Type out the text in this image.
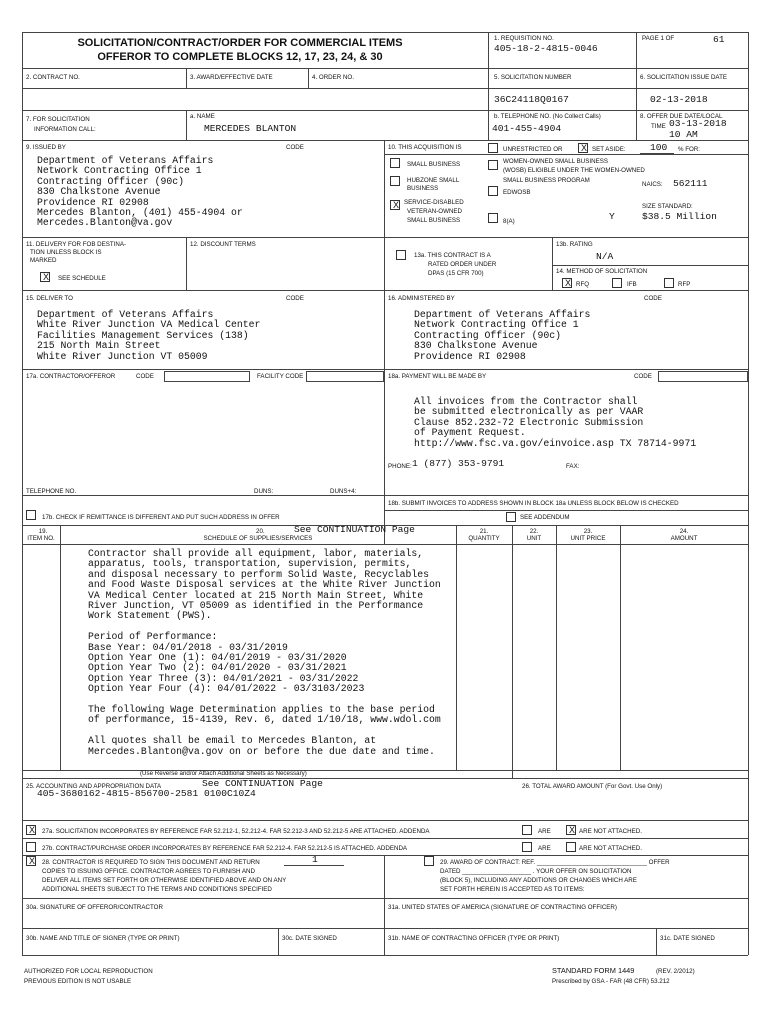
SOLICITATION/CONTRACT/ORDER FOR COMMERCIAL ITEMS
OFFEROR TO COMPLETE BLOCKS 12, 17, 23, 24, & 30
1. REQUISITION NO.
405-18-2-4815-0046
PAGE 1 OF	61
2. CONTRACT NO.	3. AWARD/EFFECTIVE DATE	4. ORDER NO.	5. SOLICITATION NUMBER	6. SOLICITATION ISSUE DATE
36C24118Q0167	02-13-2018
7. FOR SOLICITATION
INFORMATION CALL:
a. NAME
MERCEDES BLANTON
b. TELEPHONE NO. (No Collect Calls)
401-455-4904
8. OFFER DUE DATE/LOCAL
TIME 03-13-2018
10 AM
9. ISSUED BY	CODE
Department of Veterans Affairs
Network Contracting Office 1
Contracting Officer (90c)
830 Chalkstone Avenue
Providence RI 02908
Mercedes Blanton, (401) 455-4904 or
Mercedes.Blanton@va.gov
10. THIS ACQUISITION IS	UNRESTRICTED OR X SET ASIDE:	100 % FOR:
SMALL BUSINESS	WOMEN-OWNED SMALL BUSINESS
(WOSB) ELIGIBLE UNDER THE WOMEN-OWNED
SMALL BUSINESS PROGRAM
HUBZONE SMALL
BUSINESS
EDWOSB
NAICS: 562111
X SERVICE-DISABLED
VETERAN-OWNED
SMALL BUSINESS	8(A)	Y
SIZE STANDARD:
$38.5 Million
11. DELIVERY FOR FOB DESTINA-
TION UNLESS BLOCK IS
MARKED
X	SEE SCHEDULE
12. DISCOUNT TERMS
13a. THIS CONTRACT IS A
RATED ORDER UNDER
DPAS (15 CFR 700)
13b. RATING
N/A
14. METHOD OF SOLICITATION
X RFQ	IFB	RFP
15. DELIVER TO	CODE
Department of Veterans Affairs
White River Junction VA Medical Center
Facilities Management Services (138)
215 North Main Street
White River Junction VT 05009
16. ADMINISTERED BY	CODE
Department of Veterans Affairs
Network Contracting Office 1
Contracting Officer (90c)
830 Chalkstone Avenue
Providence RI 02908
17a. CONTRACTOR/OFFEROR	CODE	FACILITY CODE	18a. PAYMENT WILL BE MADE BY	CODE
All invoices from the Contractor shall
be submitted electronically as per VAAR
Clause 852.232-72 Electronic Submission
of Payment Request.
http://www.fsc.va.gov/einvoice.asp TX 78714-9971
PHONE: 1 (877) 353-9791	FAX:
TELEPHONE NO.	DUNS:	DUNS+4:
17b. CHECK IF REMITTANCE IS DIFFERENT AND PUT SUCH ADDRESS IN OFFER
18b. SUBMIT INVOICES TO ADDRESS SHOWN IN BLOCK 18a UNLESS BLOCK BELOW IS CHECKED
SEE ADDENDUM
19.
ITEM NO.
20.	See CONTINUATION Page
SCHEDULE OF SUPPLIES/SERVICES
21.
QUANTITY
22.
UNIT
23.
UNIT PRICE
24.
AMOUNT
Contractor shall provide all equipment, labor, materials,
apparatus, tools, transportation, supervision, permits,
and disposal necessary to perform Solid Waste, Recyclables
and Food Waste Disposal services at the White River Junction
VA Medical Center located at 215 North Main Street, White
River Junction, VT 05009 as identified in the Performance
Work Statement (PWS).
Period of Performance:
Base Year: 04/01/2018 - 03/31/2019
Option Year One (1): 04/01/2019 - 03/31/2020
Option Year Two (2): 04/01/2020 - 03/31/2021
Option Year Three (3): 04/01/2021 - 03/31/2022
Option Year Four (4): 04/01/2022 - 03/3103/2023
The following Wage Determination applies to the base period
of performance, 15-4139, Rev. 6, dated 1/10/18, www.wdol.com
All quotes shall be email to Mercedes Blanton, at
Mercedes.Blanton@va.gov on or before the due date and time.
(Use Reverse and/or Attach Additional Sheets as Necessary)
25. ACCOUNTING AND APPROPRIATION DATA	See CONTINUATION Page
405-3680162-4815-856700-2581 0100C10Z4
26. TOTAL AWARD AMOUNT (For Govt. Use Only)
X	27a. SOLICITATION INCORPORATES BY REFERENCE FAR 52.212-1, 52.212-4. FAR 52.212-3 AND 52.212-5 ARE ATTACHED. ADDENDA	ARE X ARE NOT ATTACHED.
27b. CONTRACT/PURCHASE ORDER INCORPORATES BY REFERENCE FAR 52.212-4. FAR 52.212-5 IS ATTACHED. ADDENDA	ARE	ARE NOT ATTACHED.
X	28. CONTRACTOR IS REQUIRED TO SIGN THIS DOCUMENT AND RETURN	1
COPIES TO ISSUING OFFICE. CONTRACTOR AGREES TO FURNISH AND
DELIVER ALL ITEMS SET FORTH OR OTHERWISE IDENTIFIED ABOVE AND ON ANY
ADDITIONAL SHEETS SUBJECT TO THE TERMS AND CONDITIONS SPECIFIED
29. AWARD OF CONTRACT: REF. ________________________________ OFFER
DATED ____________________ . YOUR OFFER ON SOLICITATION
(BLOCK 5), INCLUDING ANY ADDITIONS OR CHANGES WHICH ARE
SET FORTH HEREIN IS ACCEPTED AS TO ITEMS:
30a. SIGNATURE OF OFFEROR/CONTRACTOR	31a. UNITED STATES OF AMERICA (SIGNATURE OF CONTRACTING OFFICER)
30b. NAME AND TITLE OF SIGNER (TYPE OR PRINT)	30c. DATE SIGNED	31b. NAME OF CONTRACTING OFFICER (TYPE OR PRINT)	31c. DATE SIGNED
AUTHORIZED FOR LOCAL REPRODUCTION
PREVIOUS EDITION IS NOT USABLE
STANDARD FORM 1449	(REV. 2/2012)
Prescribed by GSA - FAR (48 CFR) 53.212
